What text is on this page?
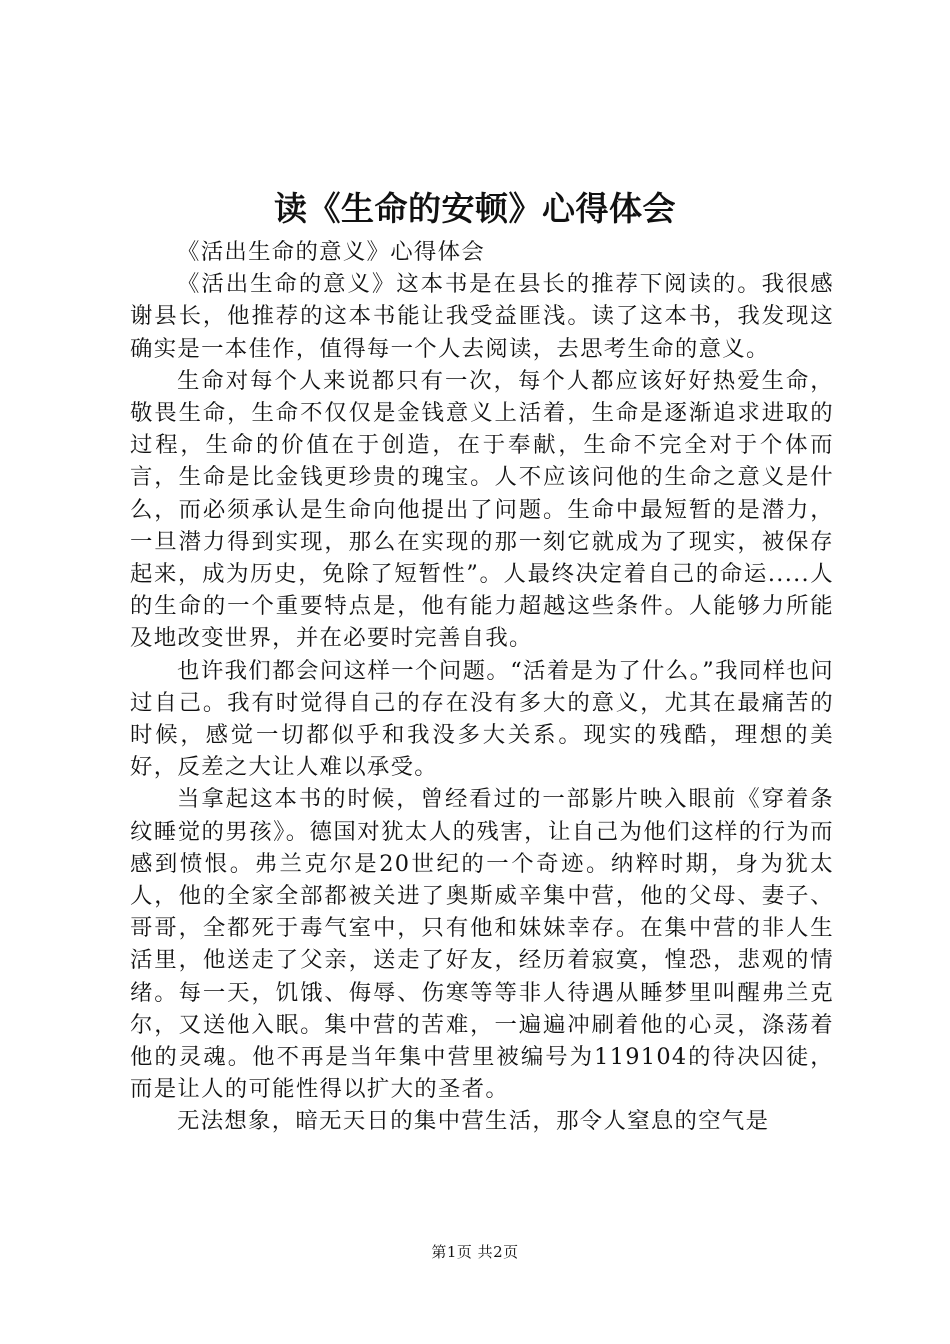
读《生命的安顿》心得体会

《活出生命的意义》心得体会

《活出生命的意义》这本书是在县长的推荐下阅读的。我很感谢县长，他推荐的这本书能让我受益匪浅。读了这本书，我发现这确实是一本佳作，值得每一个人去阅读，去思考生命的意义。

生命对每个人来说都只有一次，每个人都应该好好热爱生命，敬畏生命，生命不仅仅是金钱意义上活着，生命是逐渐追求进取的过程，生命的价值在于创造，在于奉献，生命不完全对于个体而言，生命是比金钱更珍贵的瑰宝。人不应该问他的生命之意义是什么，而必须承认是生命向他提出了问题。生命中最短暂的是潜力，一旦潜力得到实现，那么在实现的那一刻它就成为了现实，被保存起来，成为历史，免除了短暂性”。人最终决定着自己的命运.....人的生命的一个重要特点是，他有能力超越这些条件。人能够力所能及地改变世界，并在必要时完善自我。

也许我们都会问这样一个问题。“活着是为了什么。”我同样也问过自己。我有时觉得自己的存在没有多大的意义，尤其在最痛苦的时候，感觉一切都似乎和我没多大关系。现实的残酷，理想的美好，反差之大让人难以承受。

当拿起这本书的时候，曾经看过的一部影片映入眼前《穿着条纹睡觉的男孩》。德国对犹太人的残害，让自己为他们这样的行为而感到愤恨。弗兰克尔是20世纪的一个奇迹。纳粹时期，身为犹太人，他的全家全部都被关进了奥斯威辛集中营，他的父母、妻子、哥哥，全都死于毒气室中，只有他和妹妹幸存。在集中营的非人生活里，他送走了父亲，送走了好友，经历着寂寞，惶恐，悲观的情绪。每一天，饥饿、侮辱、伤寒等等非人待遇从睡梦里叫醒弗兰克尔，又送他入眠。集中营的苦难，一遍遍冲刷着他的心灵，涤荡着他的灵魂。他不再是当年集中营里被编号为119104的待决囚徒，而是让人的可能性得以扩大的圣者。

无法想象，暗无天日的集中营生活，那令人窒息的空气是

第1页 共2页
